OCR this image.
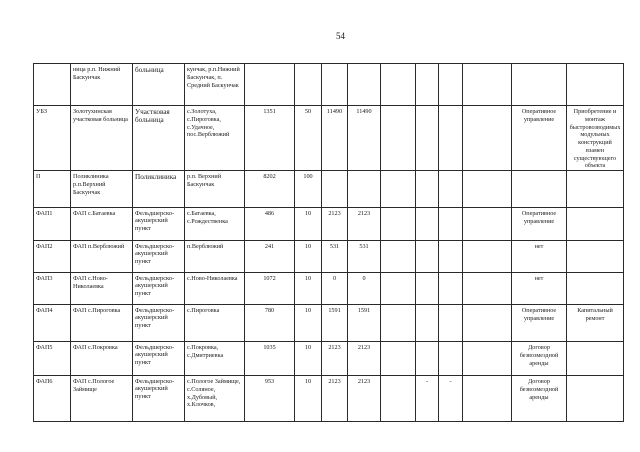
54
	ница р.п. Нижний Баскунчак	больница	кунчак, р.п.Нижний Баскунчак, п. Средний Баскунчак										
УБЗ	Золотухинская участковая больница	Участковая больница	с.Золотуха, с.Пироговка, с.Удачное, пос.Верблюжий	1351	50	11490	11490					Оперативное управление	Приобретение и монтаж быстровозводимых модульных конструкций взамен существующего объекта
П	Поликлиника р.п.Верхний Баскунчак	Поликлиника	р.п. Верхний Баскунчак	8202	100								
ФАП1	ФАП с.Батаевка	Фельдшерско-акушерский пункт	с.Батаевка, с.Рождественка	486	10	2123	2123					Оперативное управление	
ФАП2	ФАП п.Верблюжий	Фельдшерско-акушерский пункт	п.Верблюжий	241	10	531	531					нет	
ФАП3	ФАП с.Ново-Николаевка	Фельдшерско-акушерский пункт	с.Ново-Николаевка	1072	10	0	0					нет	
ФАП4	ФАП с.Пироговка	Фельдшерско-акушерский пункт	с.Пироговка	780	10	1591	1591					Оперативное управление	Капитальный ремонт
ФАП5	ФАП с.Покровка	Фельдшерско-акушерский пункт	с.Покровка, с.Дмитриевка	1035	10	2123	2123					Договор безвозмездной аренды	
ФАП6	ФАП с.Пологое Займище	Фельдшерско-акушерский пункт	с.Пологое Займище, с.Соляное, х.Дубовый, х.Клочков,	953	10	2123	2123		-	-		Договор безвозмездной аренды	
